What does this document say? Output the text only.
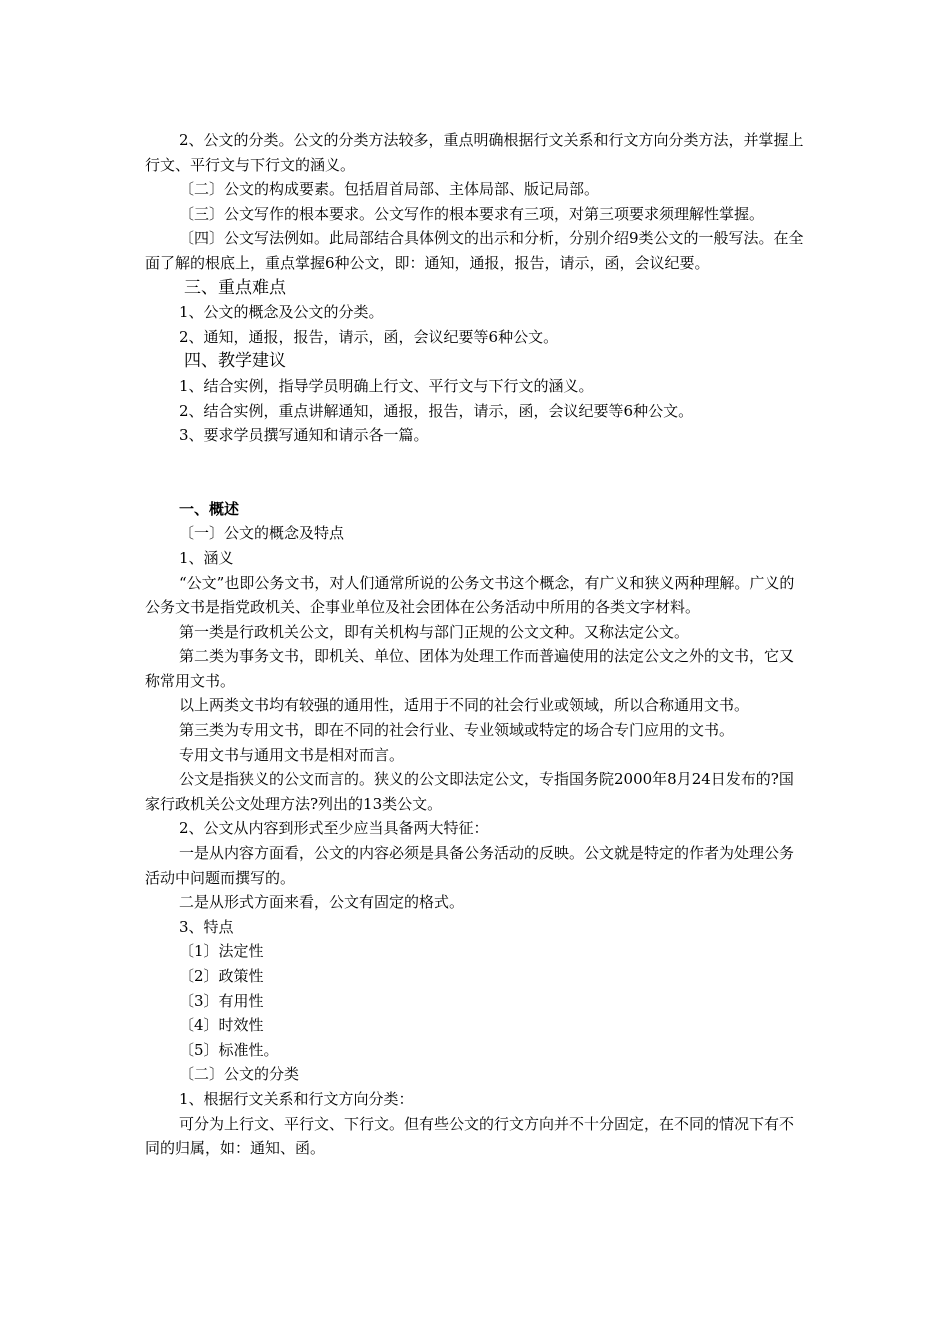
2、公文的分类。公文的分类方法较多，重点明确根据行文关系和行文方向分类方法，并掌握上行文、平行文与下行文的涵义。

〔二〕公文的构成要素。包括眉首局部、主体局部、版记局部。

〔三〕公文写作的根本要求。公文写作的根本要求有三项，对第三项要求须理解性掌握。

〔四〕公文写法例如。此局部结合具体例文的出示和分析，分别介绍9类公文的一般写法。在全面了解的根底上，重点掌握6种公文，即：通知，通报，报告，请示，函，会议纪要。

三、重点难点

1、公文的概念及公文的分类。

2、通知，通报，报告，请示，函，会议纪要等6种公文。

四、教学建议

1、结合实例，指导学员明确上行文、平行文与下行文的涵义。

2、结合实例，重点讲解通知，通报，报告，请示，函，会议纪要等6种公文。

3、要求学员撰写通知和请示各一篇。

一、概述

〔一〕公文的概念及特点

1、涵义

“公文”也即公务文书，对人们通常所说的公务文书这个概念，有广义和狭义两种理解。广义的公务文书是指党政机关、企事业单位及社会团体在公务活动中所用的各类文字材料。

第一类是行政机关公文，即有关机构与部门正规的公文文种。又称法定公文。

第二类为事务文书，即机关、单位、团体为处理工作而普遍使用的法定公文之外的文书，它又称常用文书。

以上两类文书均有较强的通用性，适用于不同的社会行业或领域，所以合称通用文书。

第三类为专用文书，即在不同的社会行业、专业领域或特定的场合专门应用的文书。

专用文书与通用文书是相对而言。

公文是指狭义的公文而言的。狭义的公文即法定公文，专指国务院2000年8月24日发布的?国家行政机关公文处理方法?列出的13类公文。

2、公文从内容到形式至少应当具备两大特征：

一是从内容方面看，公文的内容必须是具备公务活动的反映。公文就是特定的作者为处理公务活动中问题而撰写的。

二是从形式方面来看，公文有固定的格式。

3、特点

〔1〕法定性

〔2〕政策性

〔3〕有用性

〔4〕时效性

〔5〕标准性。

〔二〕公文的分类

1、根据行文关系和行文方向分类：

可分为上行文、平行文、下行文。但有些公文的行文方向并不十分固定，在不同的情况下有不同的归属，如：通知、函。
